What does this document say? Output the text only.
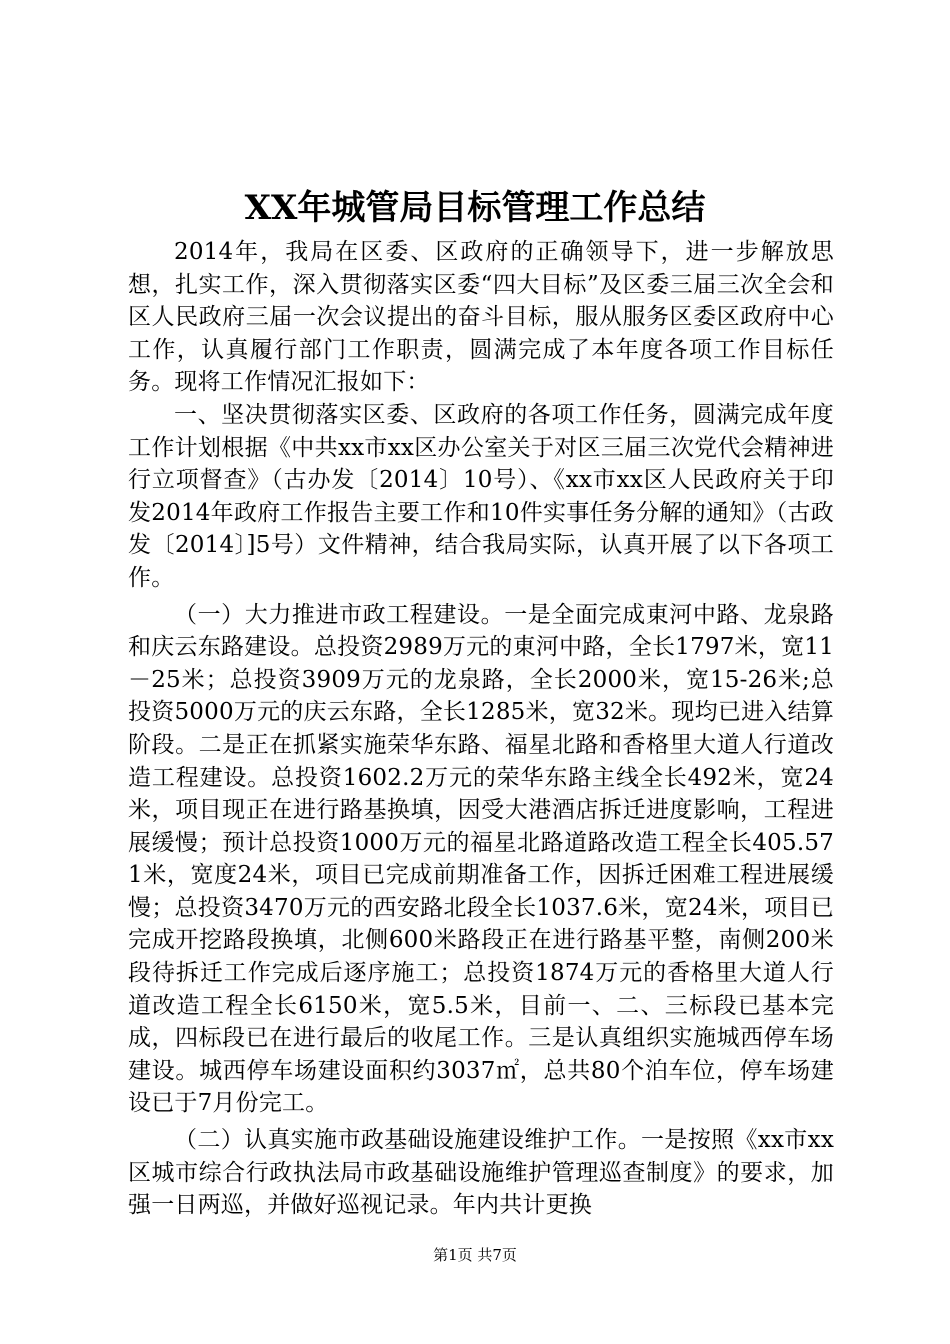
XX年城管局目标管理工作总结

2014年，我局在区委、区政府的正确领导下，进一步解放思想，扎实工作，深入贯彻落实区委“四大目标”及区委三届三次全会和区人民政府三届一次会议提出的奋斗目标，服从服务区委区政府中心工作，认真履行部门工作职责，圆满完成了本年度各项工作目标任务。现将工作情况汇报如下：

一、坚决贯彻落实区委、区政府的各项工作任务，圆满完成年度工作计划根据《中共xx市xx区办公室关于对区三届三次党代会精神进行立项督查》（古办发〔2014〕10号）、《xx市xx区人民政府关于印发2014年政府工作报告主要工作和10件实事任务分解的通知》（古政发〔2014〕]5号）文件精神，结合我局实际，认真开展了以下各项工作。

（一）大力推进市政工程建设。一是全面完成東河中路、龙泉路和庆云东路建设。总投资2989万元的東河中路，全长1797米，宽11－25米；总投资3909万元的龙泉路，全长2000米，宽15-26米;总投资5000万元的庆云东路，全长1285米，宽32米。现均已进入结算阶段。二是正在抓紧实施荣华东路、福星北路和香格里大道人行道改造工程建设。总投资1602.2万元的荣华东路主线全长492米，宽24米，项目现正在进行路基换填，因受大港酒店拆迁进度影响，工程进展缓慢；预计总投资1000万元的福星北路道路改造工程全长405.571米，宽度24米，项目已完成前期准备工作，因拆迁困难工程进展缓慢；总投资3470万元的西安路北段全长1037.6米，宽24米，项目已完成开挖路段换填，北侧600米路段正在进行路基平整，南侧200米段待拆迁工作完成后逐序施工；总投资1874万元的香格里大道人行道改造工程全长6150米，宽5.5米，目前一、二、三标段已基本完成，四标段已在进行最后的收尾工作。三是认真组织实施城西停车场建设。城西停车场建设面积约3037㎡，总共80个泊车位，停车场建设已于7月份完工。

（二）认真实施市政基础设施建设维护工作。一是按照《xx市xx区城市综合行政执法局市政基础设施维护管理巡查制度》的要求，加强一日两巡，并做好巡视记录。年内共计更换

第1页 共7页
